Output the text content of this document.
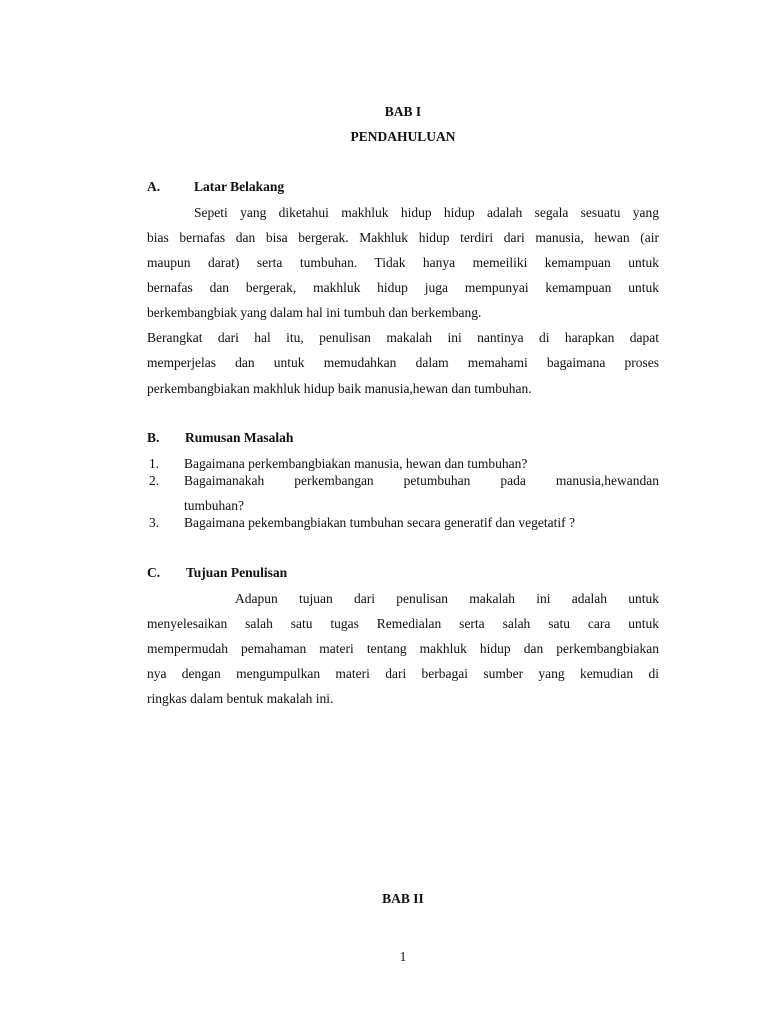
BAB I
PENDAHULUAN
A.	Latar Belakang
Sepeti yang diketahui makhluk hidup hidup adalah segala sesuatu yang
bias bernafas dan bisa bergerak. Makhluk hidup terdiri dari manusia, hewan (air
maupun darat) serta tumbuhan. Tidak hanya memeiliki kemampuan untuk
bernafas dan bergerak, makhluk hidup juga mempunyai kemampuan untuk
berkembangbiak yang dalam hal ini tumbuh dan berkembang.
Berangkat dari hal itu, penulisan makalah ini nantinya di harapkan dapat
memperjelas dan untuk memudahkan dalam memahami bagaimana proses
perkembangbiakan makhluk hidup baik manusia,hewan dan tumbuhan.
B. Rumusan Masalah
1. Bagaimana perkembangbiakan manusia, hewan dan tumbuhan?
2. Bagaimanakah perkembangan petumbuhan pada manusia,hewandan
tumbuhan?
3. Bagaimana pekembangbiakan tumbuhan secara generatif dan vegetatif ?
C. Tujuan Penulisan
Adapun tujuan dari penulisan makalah ini adalah untuk
menyelesaikan salah satu tugas Remedialan serta salah satu cara untuk
mempermudah pemahaman materi tentang makhluk hidup dan perkembangbiakan
nya dengan mengumpulkan materi dari berbagai sumber yang kemudian di
ringkas dalam bentuk makalah ini.
BAB II
1
